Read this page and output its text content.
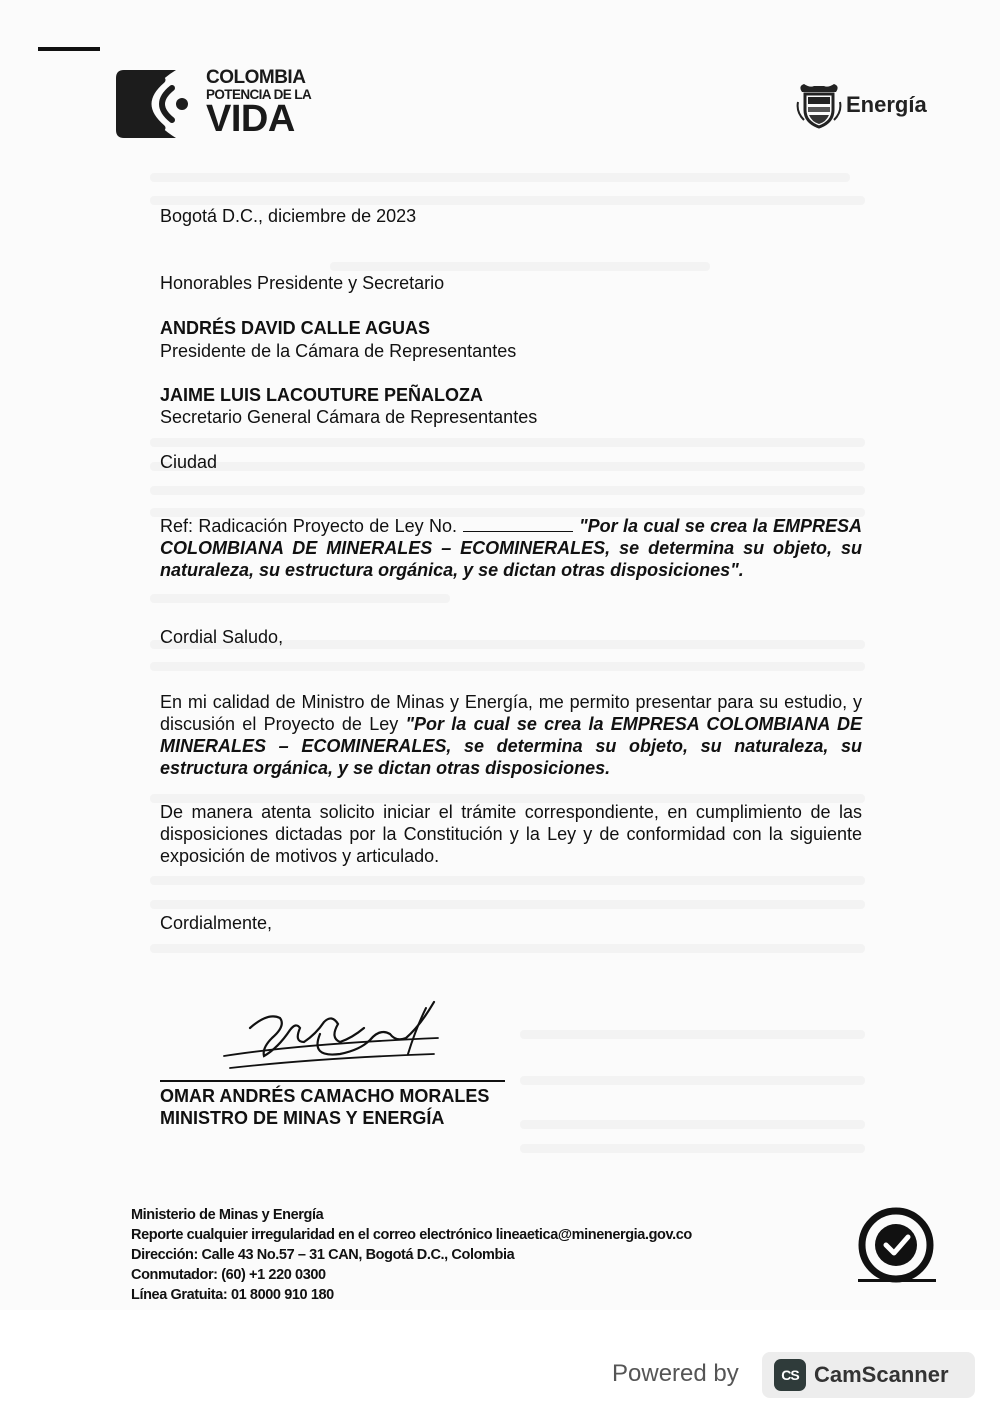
COLOMBIA
POTENCIA DE LA
VIDA	Energía
Bogotá D.C., diciembre de 2023
Honorables Presidente y Secretario
ANDRÉS DAVID CALLE AGUAS
Presidente de la Cámara de Representantes
JAIME LUIS LACOUTURE PEÑALOZA
Secretario General Cámara de Representantes
Ciudad
Ref: Radicación Proyecto de Ley No.	"Por la cual se crea la EMPRESA COLOMBIANA DE MINERALES – ECOMINERALES, se determina su objeto, su naturaleza, su estructura orgánica, y se dictan otras disposiciones".
Cordial Saludo,
En mi calidad de Ministro de Minas y Energía, me permito presentar para su estudio, y discusión el Proyecto de Ley "Por la cual se crea la EMPRESA COLOMBIANA DE MINERALES – ECOMINERALES, se determina su objeto, su naturaleza, su estructura orgánica, y se dictan otras disposiciones.
De manera atenta solicito iniciar el trámite correspondiente, en cumplimiento de las disposiciones dictadas por la Constitución y la Ley y de conformidad con la siguiente exposición de motivos y articulado.
Cordialmente,
OMAR ANDRÉS CAMACHO MORALES
MINISTRO DE MINAS Y ENERGÍA
Ministerio de Minas y Energía
Reporte cualquier irregularidad en el correo electrónico lineaetica@minenergia.gov.co
Dirección: Calle 43 No.57 – 31 CAN, Bogotá D.C., Colombia
Conmutador: (60) +1 220 0300
Línea Gratuita: 01 8000 910 180
Powered by	CS CamScanner
